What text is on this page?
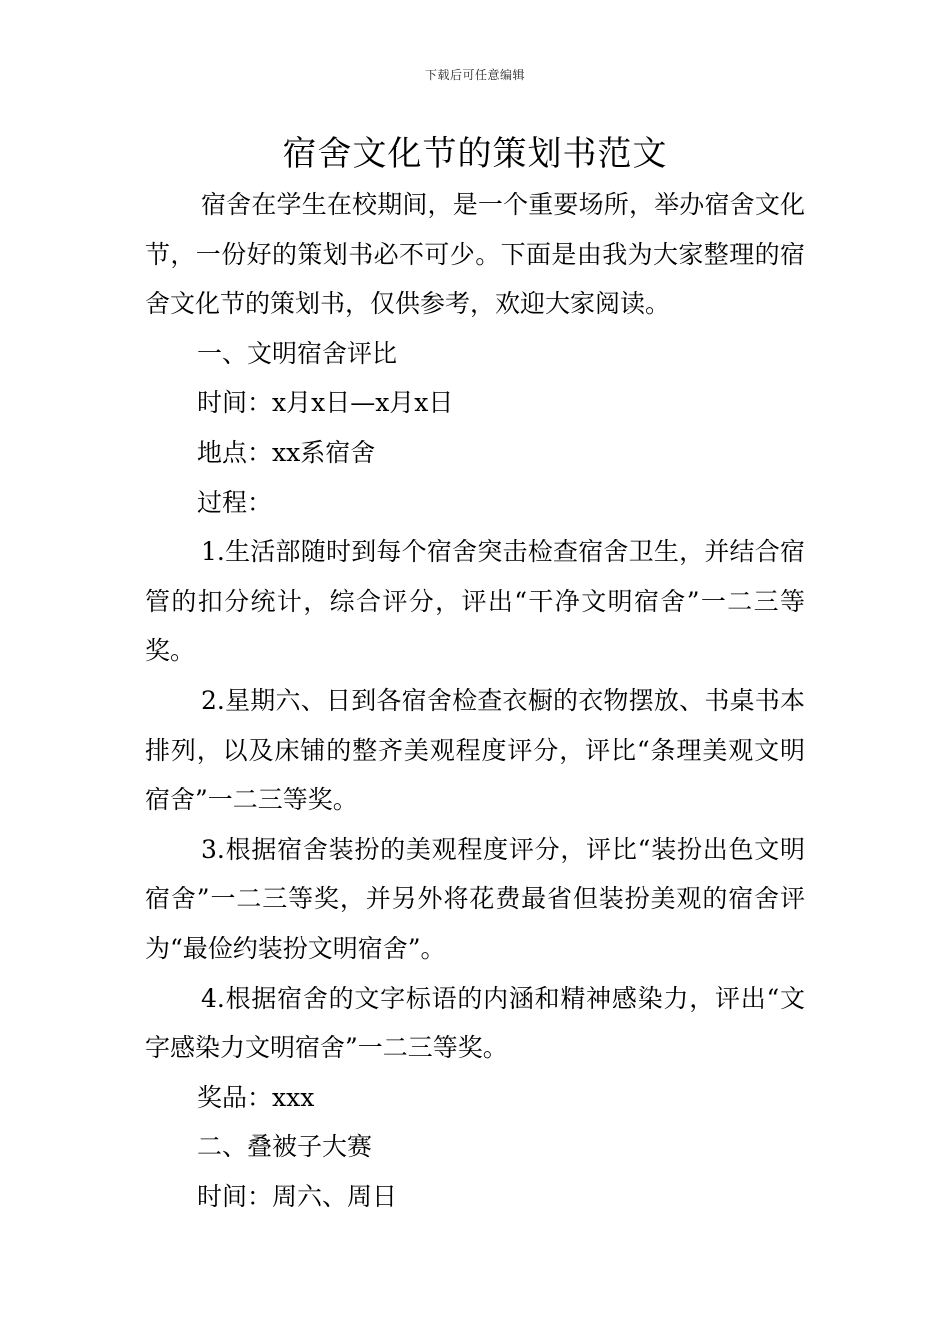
下载后可任意编辑
宿舍文化节的策划书范文

宿舍在学生在校期间，是一个重要场所，举办宿舍文化节，一份好的策划书必不可少。下面是由我为大家整理的宿舍文化节的策划书，仅供参考，欢迎大家阅读。

一、文明宿舍评比

时间：x月x日—x月x日

地点：xx系宿舍

过程：

1.生活部随时到每个宿舍突击检查宿舍卫生，并结合宿管的扣分统计，综合评分，评出“干净文明宿舍”一二三等奖。

2.星期六、日到各宿舍检查衣橱的衣物摆放、书桌书本排列，以及床铺的整齐美观程度评分，评比“条理美观文明宿舍”一二三等奖。

3.根据宿舍装扮的美观程度评分，评比“装扮出色文明宿舍”一二三等奖，并另外将花费最省但装扮美观的宿舍评为“最俭约装扮文明宿舍”。

4.根据宿舍的文字标语的内涵和精神感染力，评出“文字感染力文明宿舍”一二三等奖。

奖品：xxx

二、叠被子大赛

时间：周六、周日
